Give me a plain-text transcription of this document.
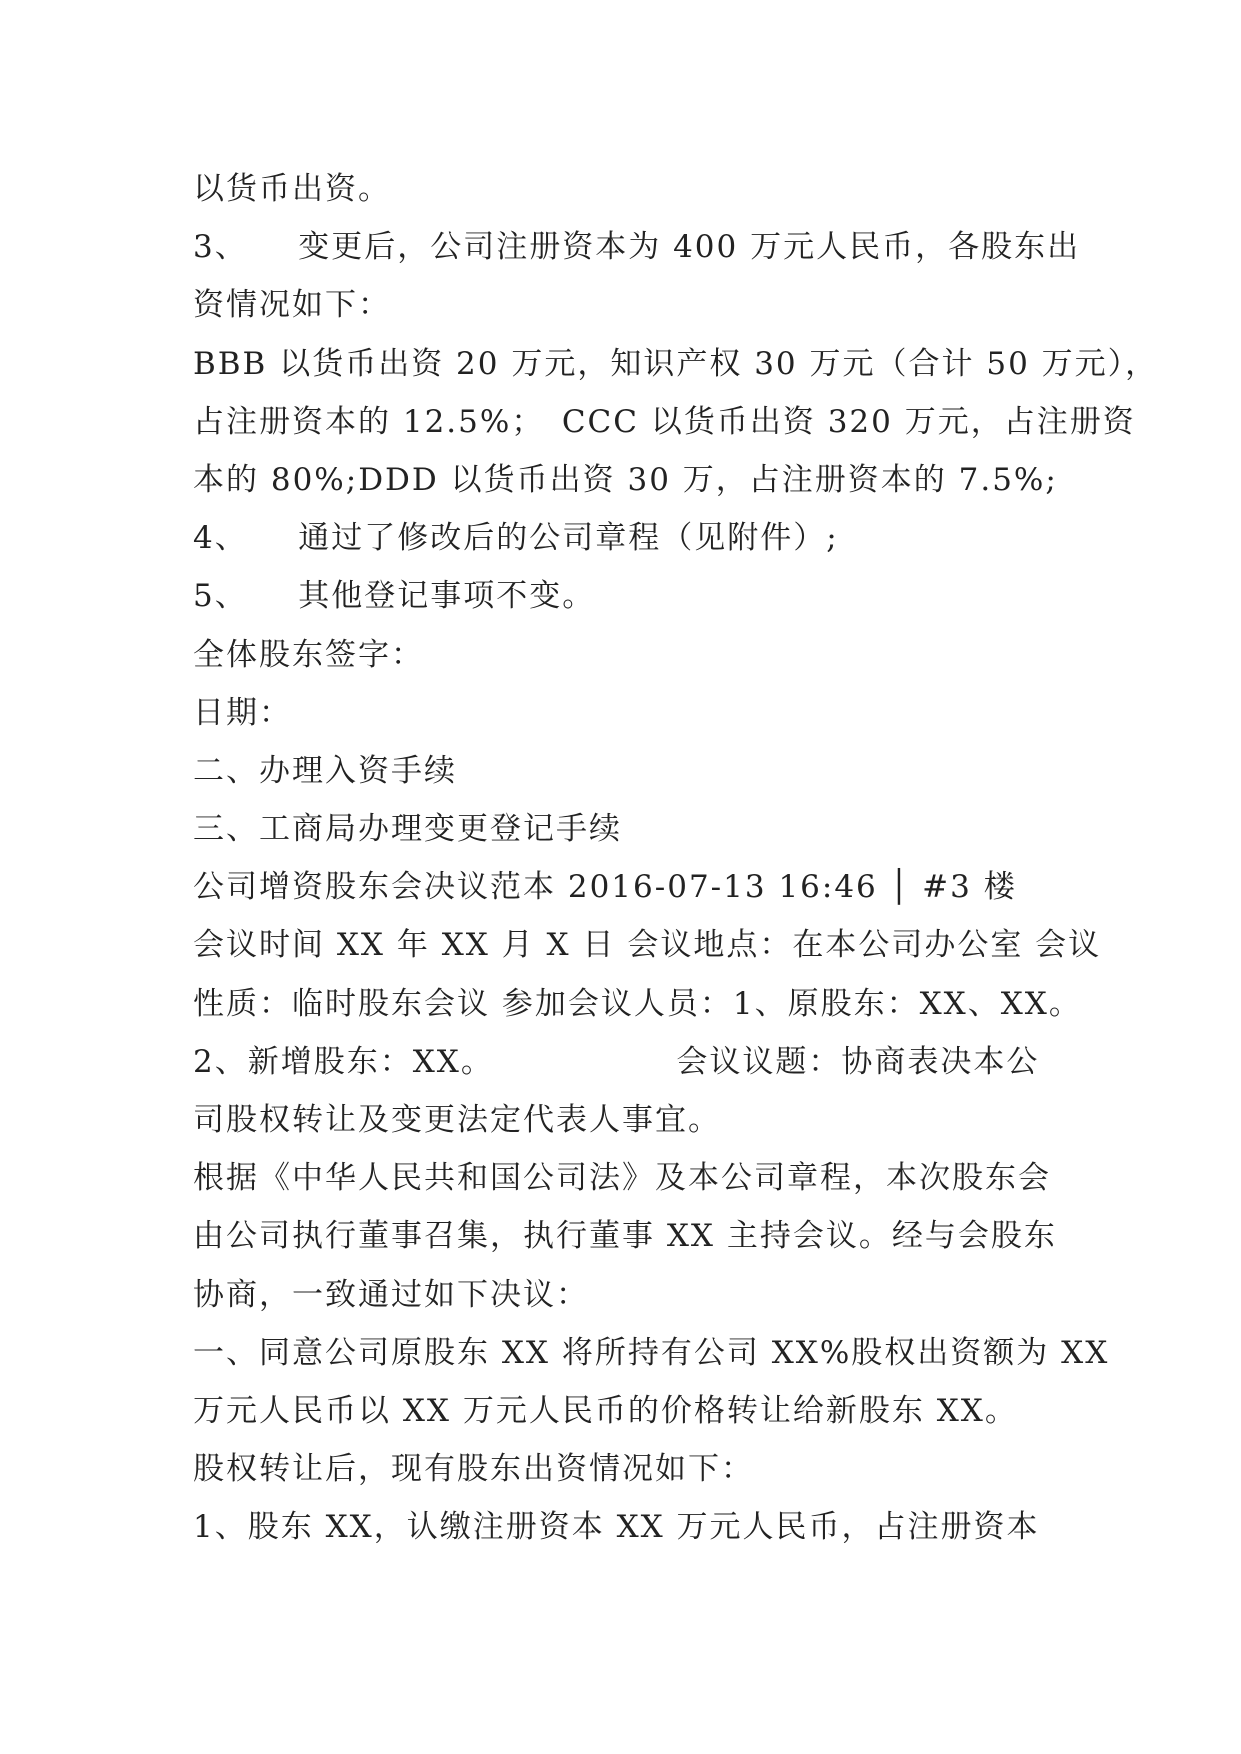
以货币出资。
3、　　变更后，公司注册资本为 400 万元人民币，各股东出
资情况如下：
BBB 以货币出资 20 万元，知识产权 30 万元（合计 50 万元），
占注册资本的 12.5%；　CCC 以货币出资 320 万元，占注册资
本的 80%;DDD 以货币出资 30 万，占注册资本的 7.5%;
4、　　通过了修改后的公司章程（见附件）;
5、　　其他登记事项不变。
全体股东签字：
日期：
二、办理入资手续
三、工商局办理变更登记手续
公司增资股东会决议范本 2016-07-13 16:46 │ #3 楼
会议时间 XX 年 XX 月 X 日 会议地点：在本公司办公室 会议
性质：临时股东会议 参加会议人员：1、原股东：XX、XX。
2、新增股东：XX。　　　　　　会议议题：协商表决本公
司股权转让及变更法定代表人事宜。
根据《中华人民共和国公司法》及本公司章程，本次股东会
由公司执行董事召集，执行董事 XX 主持会议。经与会股东
协商，一致通过如下决议：
一、同意公司原股东 XX 将所持有公司 XX%股权出资额为 XX
万元人民币以 XX 万元人民币的价格转让给新股东 XX。
股权转让后，现有股东出资情况如下：
1、股东 XX，认缴注册资本 XX 万元人民币，占注册资本
